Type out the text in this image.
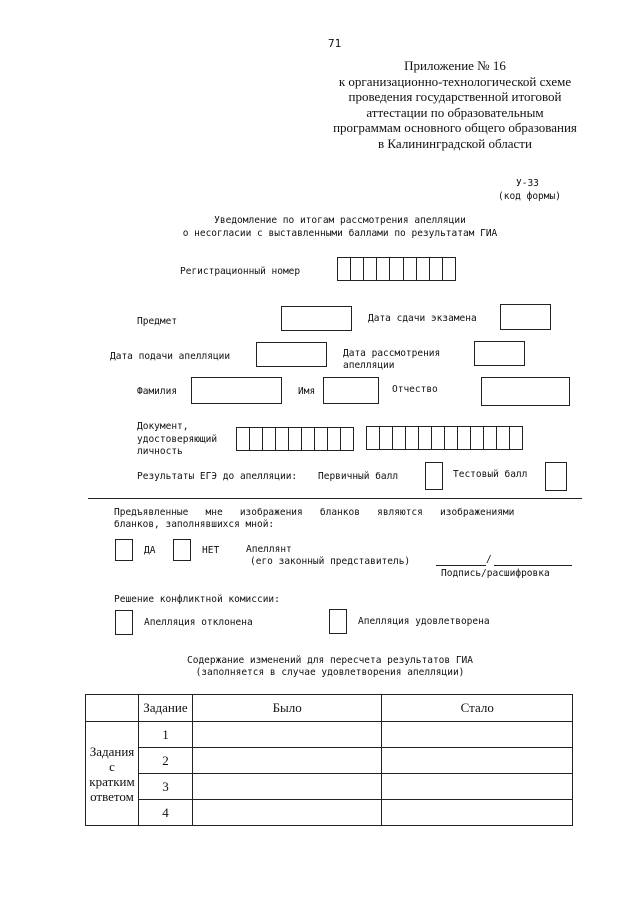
71
Приложение № 16
к организационно-технологической схеме
проведения государственной итоговой
аттестации по образовательным
программам основного общего образования
в Калининградской области
У-33
(код формы)
Уведомление по итогам рассмотрения апелляции
о несогласии с выставленными баллами по результатам ГИА
Регистрационный номер
Предмет	Дата сдачи экзамена
Дата подачи апелляции	Дата рассмотрения
апелляции
Фамилия	Имя	Отчество
Документ,
удостоверяющий
личность
Результаты ЕГЭ до апелляции: Первичный балл	Тестовый балл
Предъявленные   мне   изображения   бланков   являются   изображениями
бланков, заполнявшихся мной:
ДА	НЕТ	Апеллянт
(его законный представитель)	/
Подпись/расшифровка
Решение конфликтной комиссии:
Апелляция отклонена	Апелляция удовлетворена
Содержание изменений для пересчета результатов ГИА
(заполняется в случае удовлетворения апелляции)
	Задание	Было	Стало

Задания
с
кратким
ответом	1		
	2		
	3		
	4		
